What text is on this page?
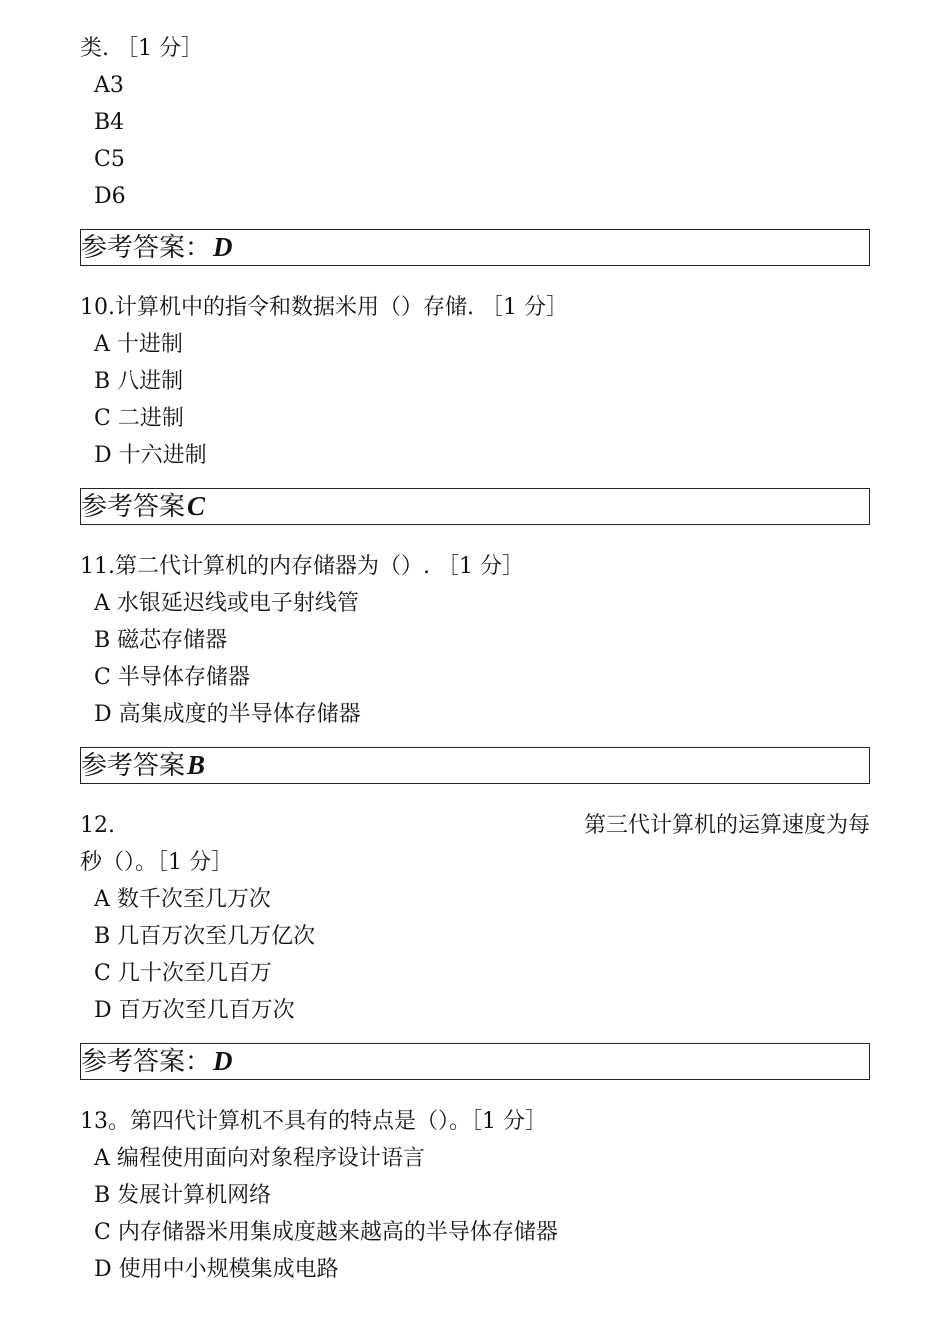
类. ［1 分］
A3
B4
C5
D6
参考答案：D
10.计算机中的指令和数据米用（）存储. ［1 分］
A 十进制
B 八进制
C 二进制
D 十六进制
参考答案C
11.第二代计算机的内存储器为（）. ［1 分］
A 水银延迟线或电子射线管
B 磁芯存储器
C 半导体存储器
D 高集成度的半导体存储器
参考答案B
12.	第三代计算机的运算速度为每
秒（）。［1 分］
A 数千次至几万次
B 几百万次至几万亿次
C 几十次至几百万
D 百万次至几百万次
参考答案：D
13。第四代计算机不具有的特点是（）。［1 分］
A 编程使用面向对象程序设计语言
B 发展计算机网络
C 内存储器米用集成度越来越高的半导体存储器
D 使用中小规模集成电路
